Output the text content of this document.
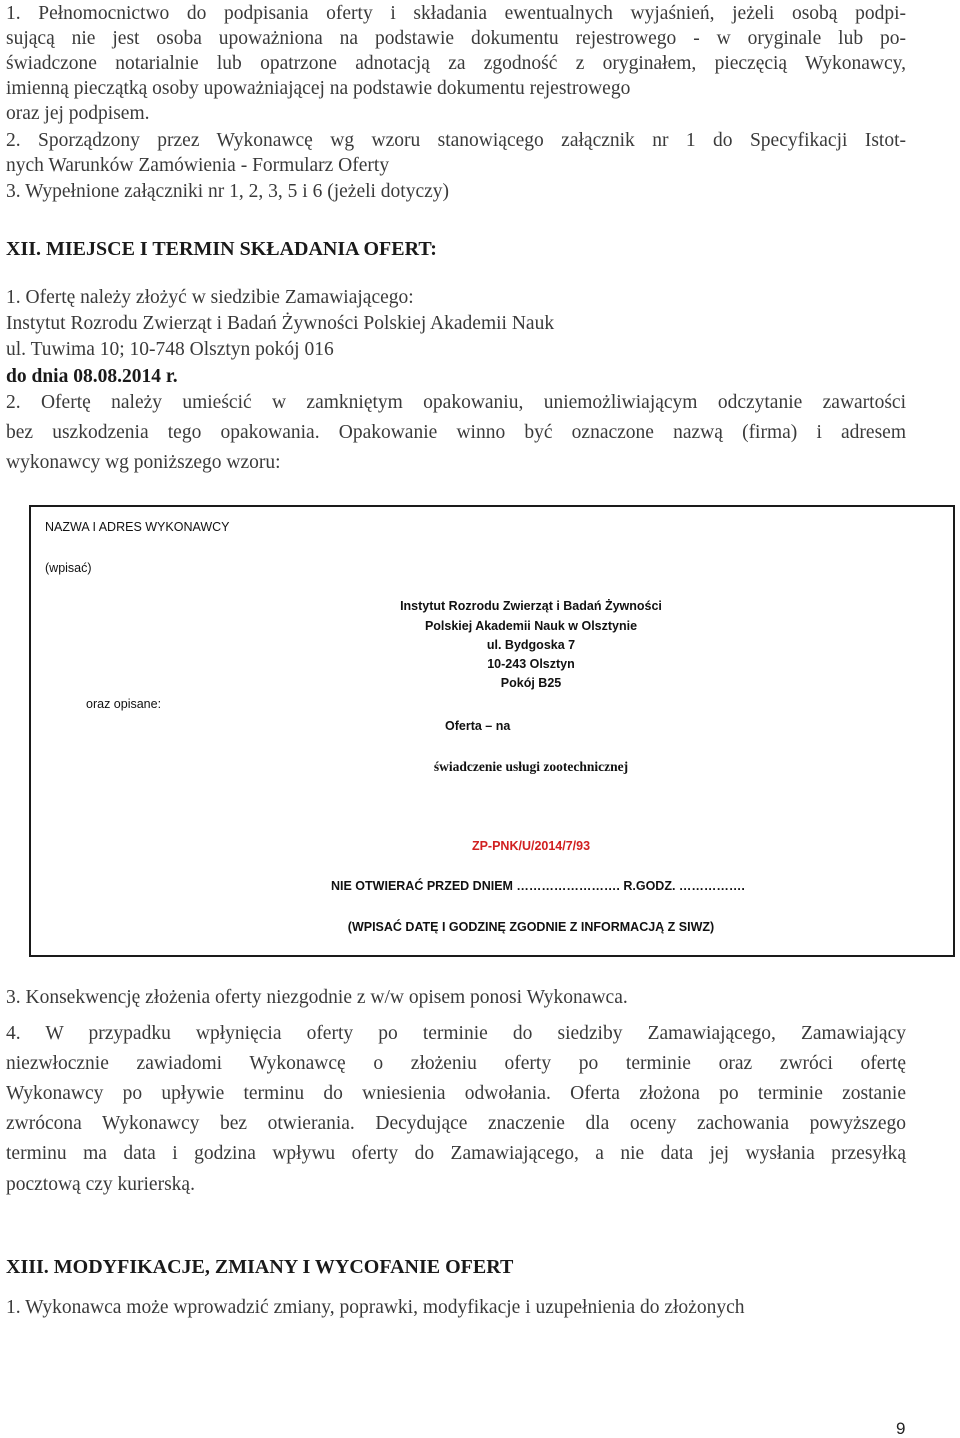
1. Pełnomocnictwo do podpisania oferty i składania ewentualnych wyjaśnień, jeżeli osobą podpi-
sującą nie jest osoba upoważniona na podstawie dokumentu rejestrowego - w oryginale lub po-
świadczone notarialnie lub opatrzone adnotacją za zgodność z oryginałem, pieczęcią Wykonawcy,
imienną pieczątką osoby upoważniającej na podstawie dokumentu rejestrowego
oraz jej podpisem.
2. Sporządzony przez Wykonawcę wg wzoru stanowiącego załącznik nr 1 do Specyfikacji Istot-
nych Warunków Zamówienia - Formularz Oferty
3. Wypełnione załączniki nr 1, 2, 3, 5 i 6 (jeżeli dotyczy)
XII. MIEJSCE I TERMIN SKŁADANIA OFERT:
1. Ofertę należy złożyć w siedzibie Zamawiającego:
Instytut Rozrodu Zwierząt i Badań Żywności Polskiej Akademii Nauk
ul. Tuwima 10; 10-748 Olsztyn pokój 016
do dnia 08.08.2014 r.
2. Ofertę należy umieścić w zamkniętym opakowaniu, uniemożliwiającym odczytanie zawartości
bez uszkodzenia tego opakowania. Opakowanie winno być oznaczone nazwą (firma) i adresem
wykonawcy wg poniższego wzoru:
NAZWA I ADRES WYKONAWCY
(wpisać)
Instytut Rozrodu Zwierząt i Badań Żywności
Polskiej Akademii Nauk w Olsztynie
ul. Bydgoska 7
10-243 Olsztyn
Pokój B25
oraz opisane:
Oferta – na
świadczenie usługi zootechnicznej
ZP-PNK/U/2014/7/93
NIE OTWIERAĆ PRZED DNIEM ……………………. R.GODZ. …………….
(WPISAĆ DATĘ I GODZINĘ ZGODNIE Z INFORMACJĄ Z SIWZ)
3. Konsekwencję złożenia oferty niezgodnie z w/w opisem ponosi Wykonawca.
4. W przypadku wpłynięcia oferty po terminie do siedziby Zamawiającego, Zamawiający
niezwłocznie zawiadomi Wykonawcę o złożeniu oferty po terminie oraz zwróci ofertę
Wykonawcy po upływie terminu do wniesienia odwołania. Oferta złożona po terminie zostanie
zwrócona Wykonawcy bez otwierania. Decydujące znaczenie dla oceny zachowania powyższego
terminu ma data i godzina wpływu oferty do Zamawiającego, a nie data jej wysłania przesyłką
pocztową czy kurierską.
XIII. MODYFIKACJE, ZMIANY I WYCOFANIE OFERT
1. Wykonawca może wprowadzić zmiany, poprawki, modyfikacje i uzupełnienia do złożonych
9
